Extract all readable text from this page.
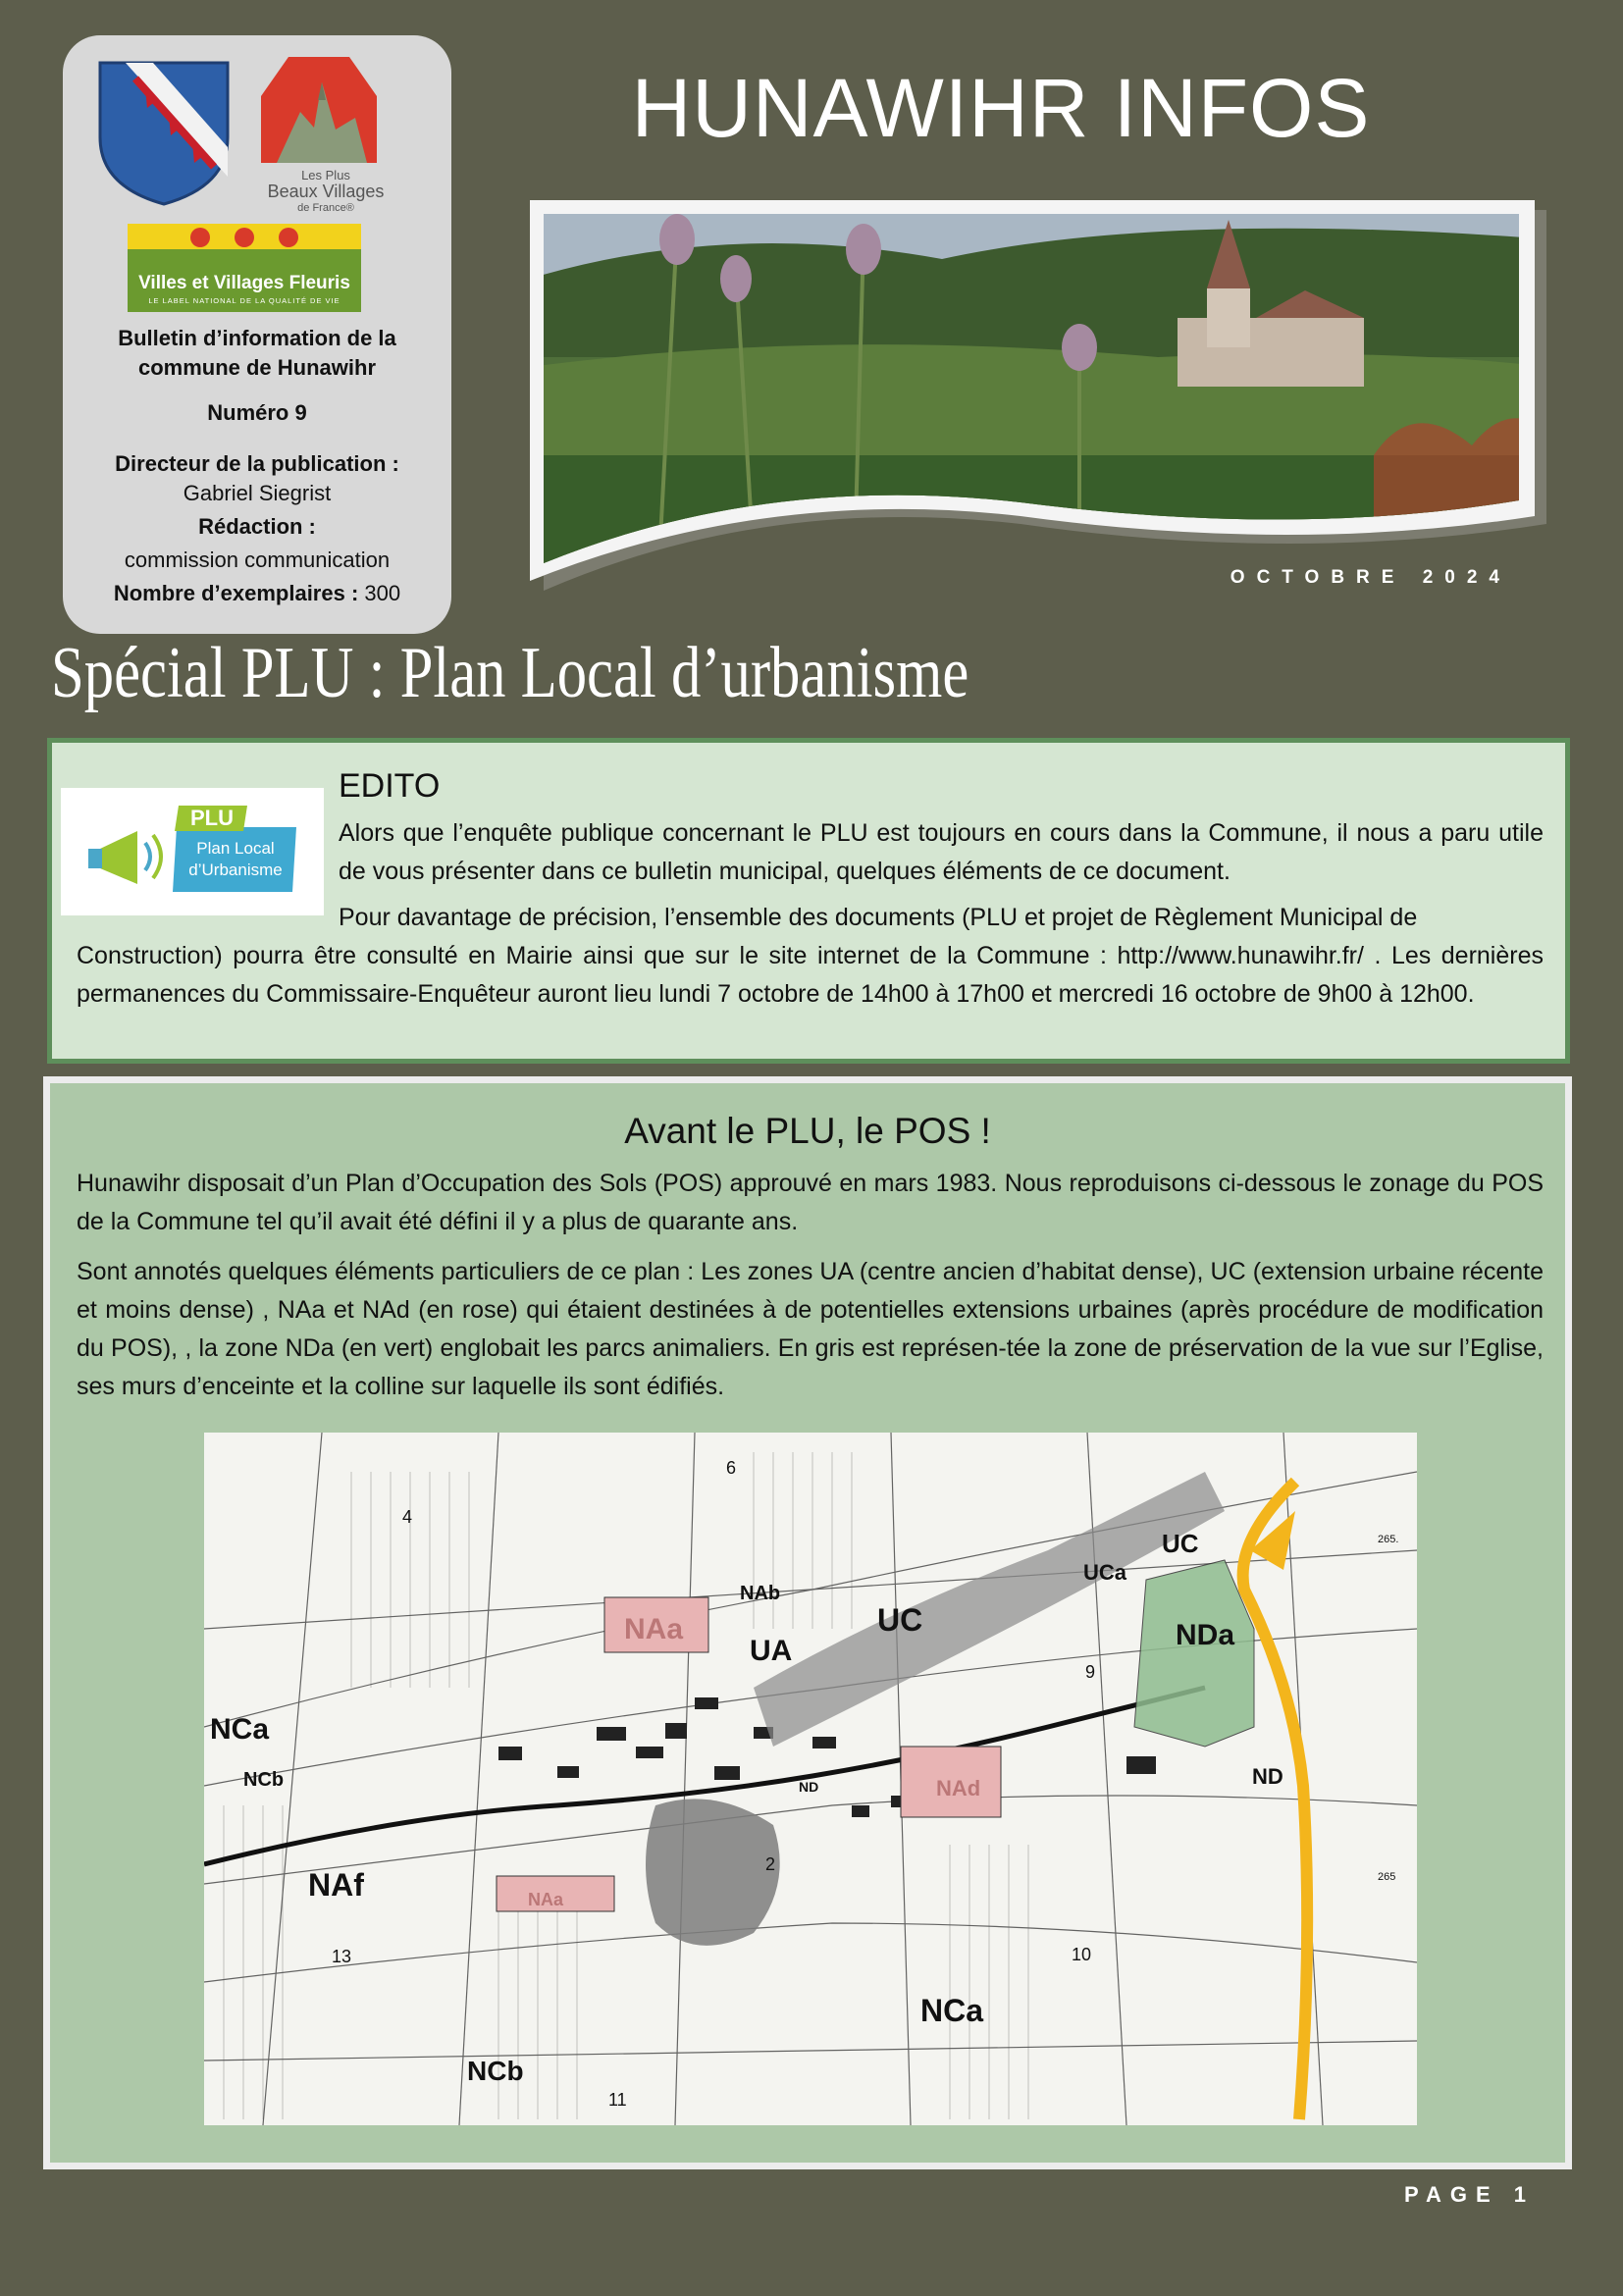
Les Plus
Beaux Villages
de France®
Villes et Villages Fleuris
LE LABEL NATIONAL DE LA QUALITÉ DE VIE
Bulletin d’information de la
commune de Hunawihr
Numéro 9
Directeur de la publication :
Gabriel Siegrist
Rédaction :
commission communication
Nombre d’exemplaires : 300
HUNAWIHR INFOS
OCTOBRE 2024
Spécial PLU : Plan Local d’urbanisme
PLU
Plan Local
d’Urbanisme
EDITO
Alors que l’enquête publique concernant le PLU est toujours en cours dans la Commune, il nous a paru utile de vous présenter dans ce bulletin municipal, quelques éléments de ce document.
Pour davantage de précision, l’ensemble des documents (PLU et projet de Règlement Municipal de
Construction) pourra être consulté en Mairie ainsi que sur le site internet de la Commune : http://www.hunawihr.fr/ . Les dernières permanences du Commissaire-Enquêteur auront lieu lundi 7 octobre de 14h00 à 17h00 et mercredi 16 octobre de 9h00 à 12h00.
Avant le PLU, le POS !
Hunawihr disposait d’un Plan d’Occupation des Sols (POS) approuvé en mars 1983. Nous reproduisons ci-dessous le zonage du POS de la Commune tel qu’il avait été défini il y a plus de quarante ans.
Sont annotés quelques éléments particuliers de ce plan : Les zones UA (centre ancien d’habitat dense), UC (extension urbaine récente et moins dense) , NAa et NAd (en rose) qui étaient destinées à de potentielles extensions urbaines (après procédure de modification du POS), , la zone NDa (en vert) englobait les parcs animaliers. En gris est représen-tée la zone de préservation de la vue sur l’Eglise, ses murs d’enceinte et la colline sur laquelle ils sont édifiés.
NCa
NCb
NAf
NAa
UA
UC
NAb
UCa
UC
NDa
ND
NAd
ND
NAa
NCa
NCb
4
6
9
10
11
13
2
265.
265
PAGE 1
